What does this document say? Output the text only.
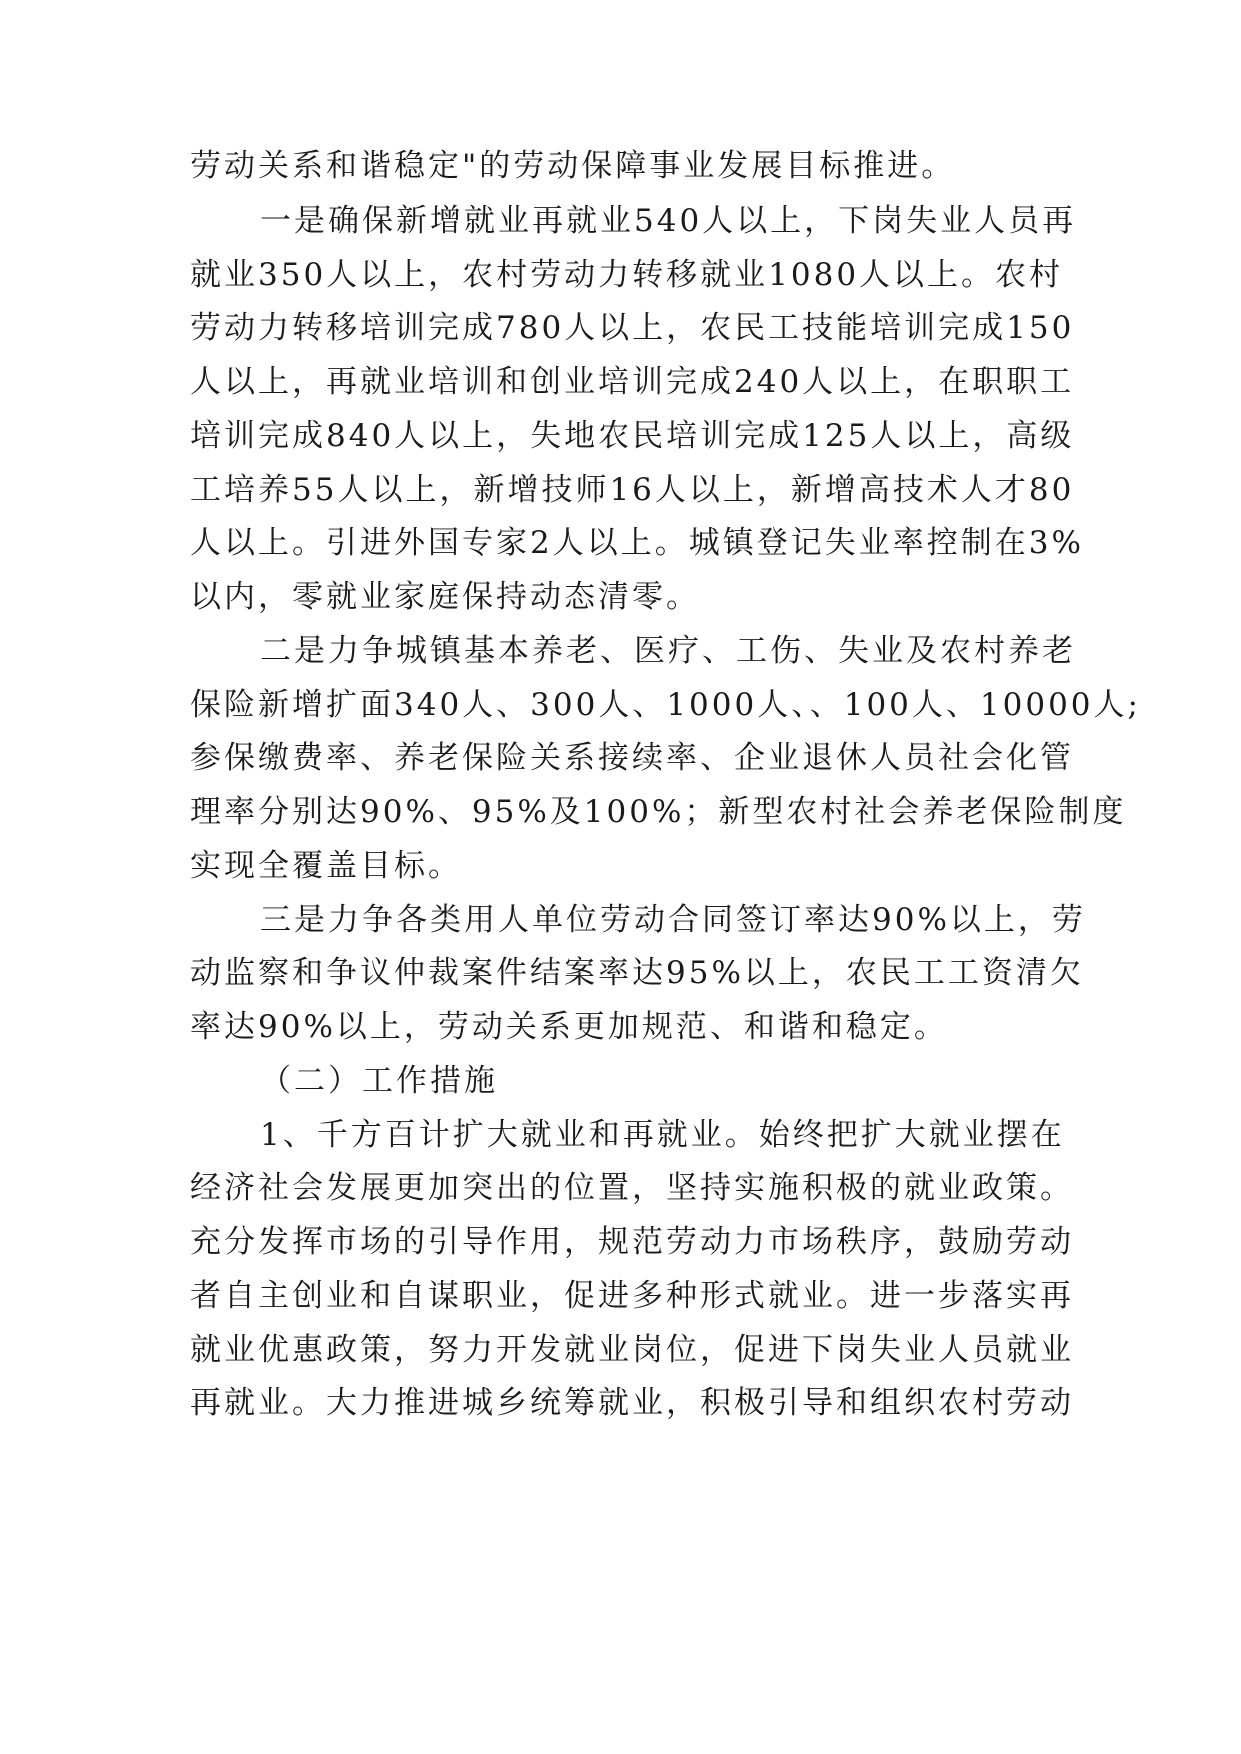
劳动关系和谐稳定"的劳动保障事业发展目标推进。
一是确保新增就业再就业540人以上，下岗失业人员再
就业350人以上，农村劳动力转移就业1080人以上。农村
劳动力转移培训完成780人以上，农民工技能培训完成150
人以上，再就业培训和创业培训完成240人以上，在职职工
培训完成840人以上，失地农民培训完成125人以上，高级
工培养55人以上，新增技师16人以上，新增高技术人才80
人以上。引进外国专家2人以上。城镇登记失业率控制在3%
以内，零就业家庭保持动态清零。
二是力争城镇基本养老、医疗、工伤、失业及农村养老
保险新增扩面340人、300人、1000人、、100人、10000人;
参保缴费率、养老保险关系接续率、企业退休人员社会化管
理率分别达90%、95%及100%；新型农村社会养老保险制度
实现全覆盖目标。
三是力争各类用人单位劳动合同签订率达90%以上，劳
动监察和争议仲裁案件结案率达95%以上，农民工工资清欠
率达90%以上，劳动关系更加规范、和谐和稳定。
（二）工作措施
1、千方百计扩大就业和再就业。始终把扩大就业摆在
经济社会发展更加突出的位置，坚持实施积极的就业政策。
充分发挥市场的引导作用，规范劳动力市场秩序，鼓励劳动
者自主创业和自谋职业，促进多种形式就业。进一步落实再
就业优惠政策，努力开发就业岗位，促进下岗失业人员就业
再就业。大力推进城乡统筹就业，积极引导和组织农村劳动
